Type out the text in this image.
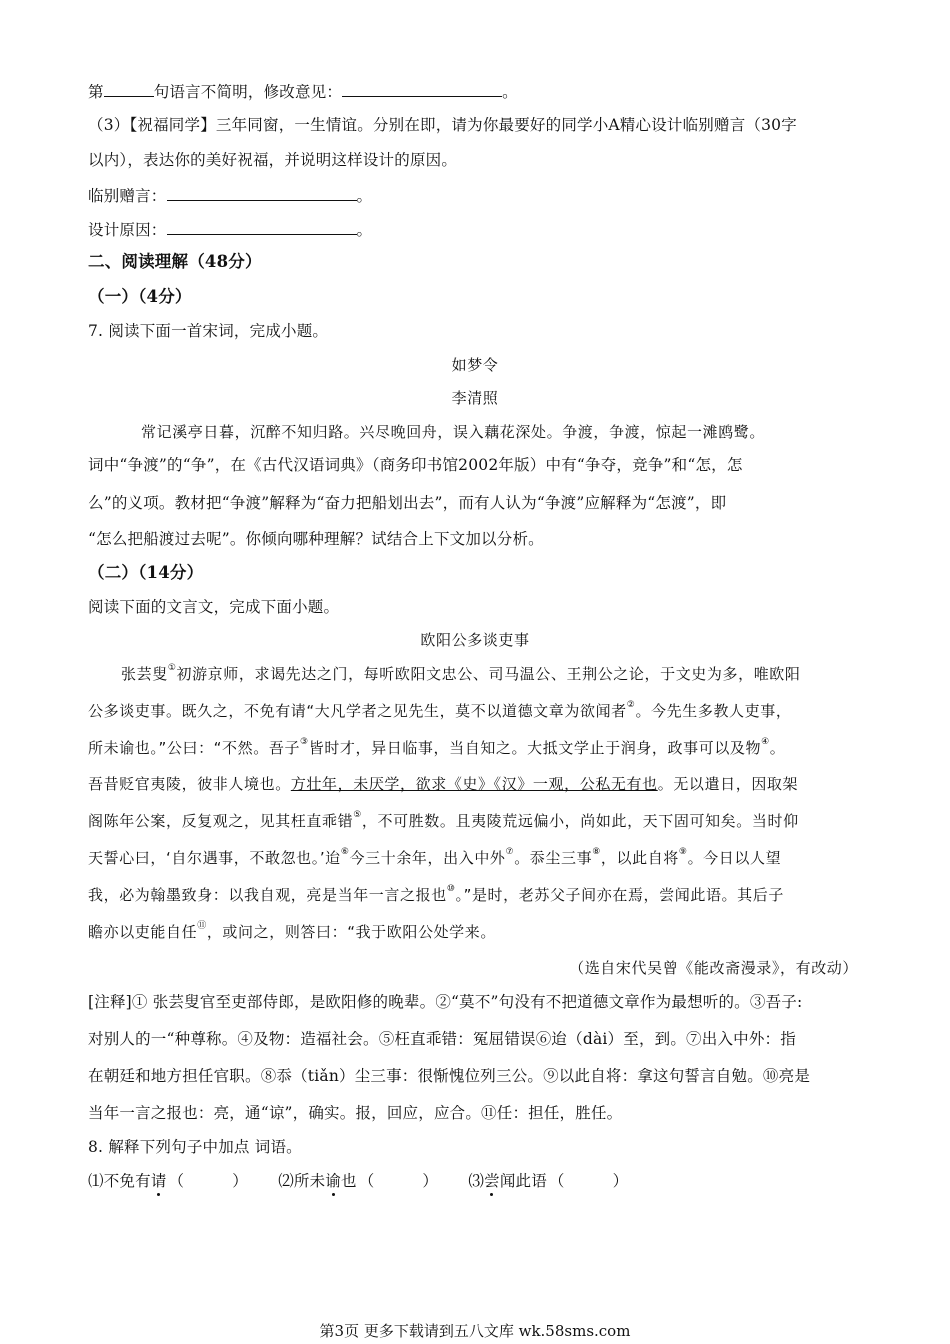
第	句语言不简明，修改意见：	。
（3）【祝福同学】三年同窗，一生情谊。分别在即，请为你最要好的同学小A精心设计临别赠言（30字
以内），表达你的美好祝福，并说明这样设计的原因。
临别赠言：	。
设计原因：	。
二、阅读理解（48分）
（一）（4分）
7. 阅读下面一首宋词，完成小题。
如梦令
李清照
常记溪亭日暮，沉醉不知归路。兴尽晚回舟，误入藕花深处。争渡，争渡，惊起一滩鸥鹭。
词中“争渡”的“争”，在《古代汉语词典》（商务印书馆2002年版）中有“争夺，竞争”和“怎，怎
么”的义项。教材把“争渡”解释为“奋力把船划出去”，而有人认为“争渡”应解释为“怎渡”，即
“怎么把船渡过去呢”。你倾向哪种理解？试结合上下文加以分析。
（二）（14分）
阅读下面的文言文，完成下面小题。
欧阳公多谈吏事
张芸叟①初游京师，求谒先达之门，每听欧阳文忠公、司马温公、王荆公之论，于文史为多，唯欧阳
公多谈吏事。既久之，不免有请“大凡学者之见先生，莫不以道德文章为欲闻者②。今先生多教人吏事，
所未谕也。”公曰：“不然。吾子③皆时才，异日临事，当自知之。大抵文学止于润身，政事可以及物④。
吾昔贬官夷陵，彼非人境也。方壮年，未厌学，欲求《史》《汉》一观，公私无有也。无以遣日，因取架
阁陈年公案，反复观之，见其枉直乖错⑤，不可胜数。且夷陵荒远偏小，尚如此，天下固可知矣。当时仰
天誓心曰，‘自尔遇事，不敢忽也。’迨⑥今三十余年，出入中外⑦。忝尘三事⑧，以此自将⑨。今日以人望
我，必为翰墨致身：以我自观，亮是当年一言之报也⑩。”是时，老苏父子间亦在焉，尝闻此语。其后子
瞻亦以吏能自任⑪，或问之，则答曰：“我于欧阳公处学来。
（选自宋代吴曾《能改斋漫录》，有改动）
[注释]① 张芸叟官至吏部侍郎，是欧阳修的晚辈。②“莫不”句没有不把道德文章作为最想听的。③吾子:
对别人的一“种尊称。④及物：造福社会。⑤枉直乖错：冤屈错误⑥迨（dài）至，到。⑦出入中外：指
在朝廷和地方担任官职。⑧忝（tiǎn）尘三事：很惭愧位列三公。⑨以此自将：拿这句誓言自勉。⑩亮是
当年一言之报也：亮，通“谅”，确实。报，回应，应合。⑪任：担任，胜任。
8. 解释下列句子中加点 词语。
⑴不免有请 （	） ⑵所未谕也 （	） ⑶尝闻此语 （	）
第3页 更多下载请到五八文库 wk.58sms.com
